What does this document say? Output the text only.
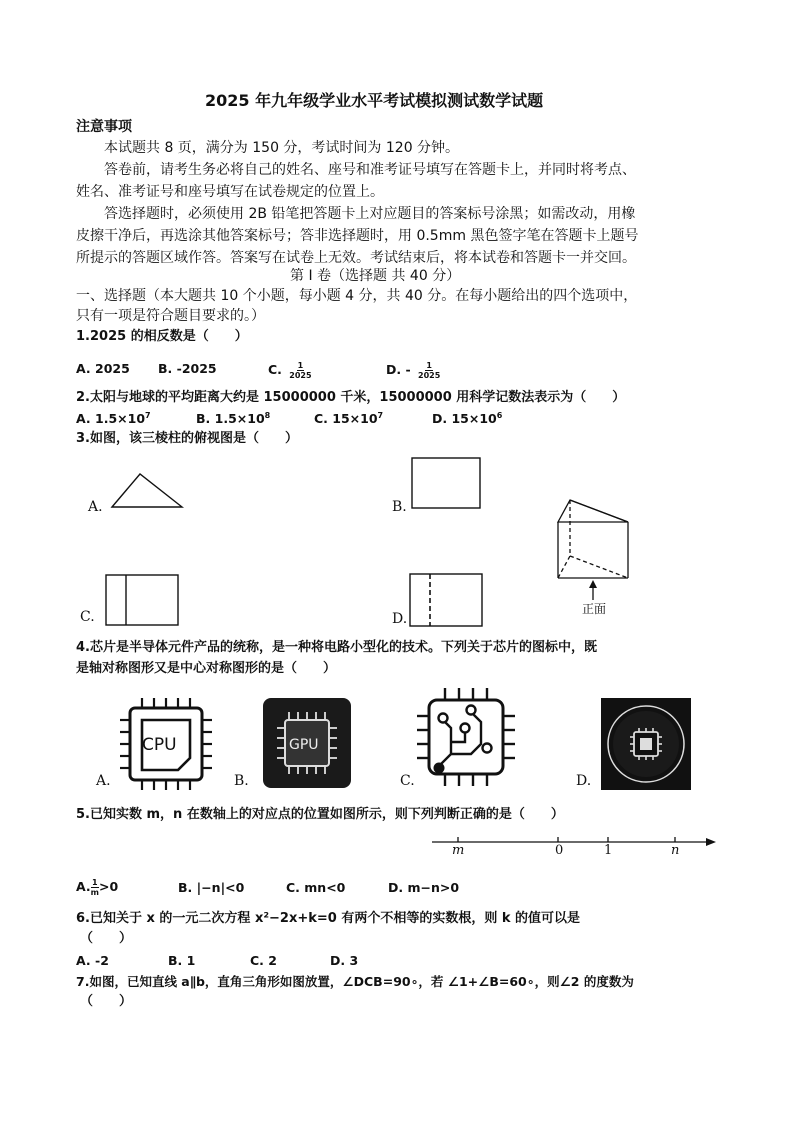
2025 年九年级学业水平考试模拟测试数学试题
注意事项
本试题共 8 页，满分为 150 分，考试时间为 120 分钟。
答卷前，请考生务必将自己的姓名、座号和准考证号填写在答题卡上，并同时将考点、
姓名、准考证号和座号填写在试卷规定的位置上。
答选择题时，必须使用 2B 铅笔把答题卡上对应题目的答案标号涂黑；如需改动，用橡
皮擦干净后，再选涂其他答案标号；答非选择题时，用 0.5mm 黑色签字笔在答题卡上题号
所提示的答题区域作答。答案写在试卷上无效。考试结束后，将本试卷和答题卡一并交回。
第 Ⅰ 卷（选择题 共 40 分）
一、选择题（本大题共 10 个小题，每小题 4 分，共 40 分。在每小题给出的四个选项中，
只有一项是符合题目要求的。）
1.2025 的相反数是（　　）
A. 2025 B. -2025	C. $\frac{1}{2025}$	D. - $\frac{1}{2025}$
2.太阳与地球的平均距离大约是 15000000 千米，15000000 用科学记数法表示为（　　）
A. $1.5\times 10^7$	B. $1.5\times 10^8$	C. $15\times 10^7$	D. $15\times 10^6$
3.如图，该三棱柱的俯视图是（　　）
A.	B.
C.	D.
正面
4.芯片是半导体元件产品的统称，是一种将电路小型化的技术。下列关于芯片的图标中，既
是轴对称图形又是中心对称图形的是（　　）
A.
CPU
B.
GPU
C.	D.
5.已知实数 m，n 在数轴上的对应点的位置如图所示，则下列判断正确的是（　　）
m	0	1	n
A. $\frac{1}{m} >0$	B. |−n|<0	C. mn<0	D. m−n>0
6.已知关于 x 的一元二次方程 x²−2x+k=0 有两个不相等的实数根，则 k 的值可以是
（　　）
A. -2	B. 1	C. 2	D. 3
7.如图，已知直线 a∥b，直角三角形如图放置，∠DCB=90∘，若 ∠1+∠B=60∘，则∠2 的度数为
（　　）
